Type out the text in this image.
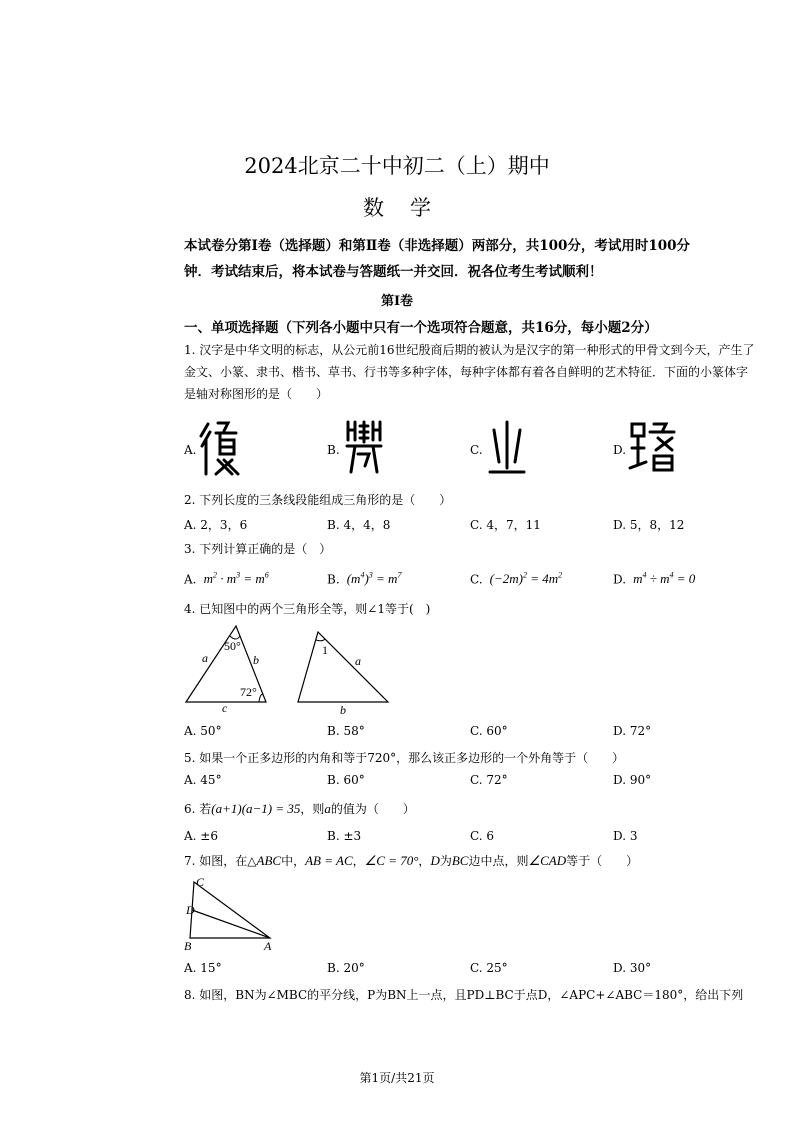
2024北京二十中初二（上）期中
数学
本试卷分第Ⅰ卷（选择题）和第Ⅱ卷（非选择题）两部分，共100分，考试用时100分
钟．考试结束后，将本试卷与答题纸一并交回．祝各位考生考试顺利！
第Ⅰ卷
一、单项选择题（下列各小题中只有一个选项符合题意，共16分，每小题2分）
1. 汉字是中华文明的标志，从公元前16世纪殷商后期的被认为是汉字的第一种形式的甲骨文到今天，产生了金文、小篆、隶书、楷书、草书、行书等多种字体，每种字体都有着各自鲜明的艺术特征．下面的小篆体字是轴对称图形的是（　　）
A.	B.	C.	D.
2. 下列长度的三条线段能组成三角形的是（　　）
A. 2，3，6	B. 4，4，8	C. 4，7，11	D. 5，8，12
3. 下列计算正确的是（　）
A.  $m^2 \cdot m^3 = m^6$	B.  $(m^4)^3 = m^7$	C.  $(-2m)^2 = 4m^2$	D.  $m^4 \div m^4 = 0$
4. 已知图中的两个三角形全等，则∠1等于(　)
a	b
c
50°
72°
1
a
b
A. 50°	B. 58°	C. 60°	D. 72°
5. 如果一个正多边形的内角和等于720°，那么该正多边形的一个外角等于（　　）
A. 45°	B. 60°	C. 72°	D. 90°
6. 若(a+1)(a−1) = 35，则a的值为（　　）
A. ±6	B. ±3	C. 6	D. 3
7. 如图，在△ABC中，AB = AC，∠C = 70°，D为BC边中点，则∠CAD等于（　　）
C
D
B	A
A. 15°	B. 20°	C. 25°	D. 30°
8. 如图，BN为∠MBC的平分线，P为BN上一点，且PD⊥BC于点D，∠APC+∠ABC＝180°，给出下列
第1页/共21页
